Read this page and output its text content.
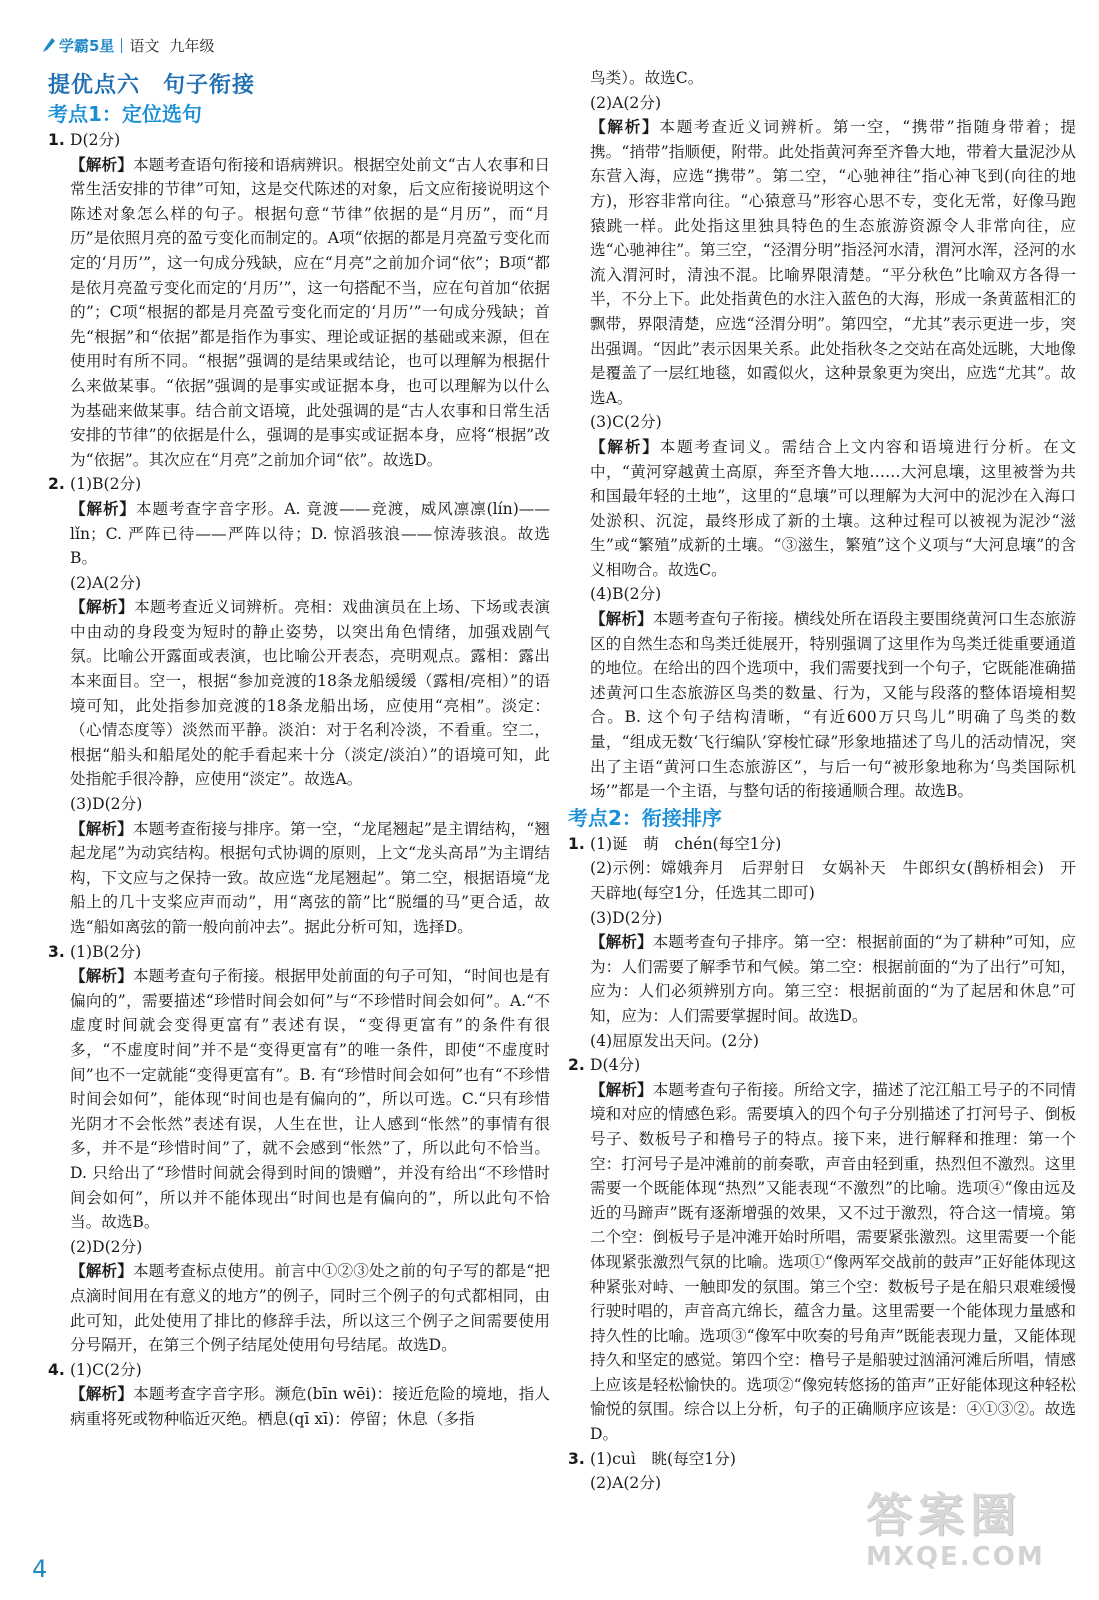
学霸5星 语文 九年级

提优点六　句子衔接

考点1：定位选句

1. D(2分)

【解析】本题考查语句衔接和语病辨识。根据空处前文“古人农事和日常生活安排的节律”可知，这是交代陈述的对象，后文应衔接说明这个陈述对象怎么样的句子。根据句意“节律”依据的是“月历”，而“月历”是依照月亮的盈亏变化而制定的。A项“依据的都是月亮盈亏变化而定的‘月历’”，这一句成分残缺，应在“月亮”之前加介词“依”；B项“都是依月亮盈亏变化而定的‘月历’”，这一句搭配不当，应在句首加“依据的”；C项“根据的都是月亮盈亏变化而定的‘月历’”一句成分残缺；首先“根据”和“依据”都是指作为事实、理论或证据的基础或来源，但在使用时有所不同。“根据”强调的是结果或结论，也可以理解为根据什么来做某事。“依据”强调的是事实或证据本身，也可以理解为以什么为基础来做某事。结合前文语境，此处强调的是“古人农事和日常生活安排的节律”的依据是什么，强调的是事实或证据本身，应将“根据”改为“依据”。其次应在“月亮”之前加介词“依”。故选D。

2. (1)B(2分)

【解析】本题考查字音字形。A. 竟渡——竞渡，威风凛凛(lín)——lǐn；C. 严阵已待——严阵以待；D. 惊滔骇浪——惊涛骇浪。故选B。

(2)A(2分)

【解析】本题考查近义词辨析。亮相：戏曲演员在上场、下场或表演中由动的身段变为短时的静止姿势，以突出角色情绪，加强戏剧气氛。比喻公开露面或表演，也比喻公开表态，亮明观点。露相：露出本来面目。空一，根据“参加竞渡的18条龙船缓缓（露相/亮相）”的语境可知，此处指参加竞渡的18条龙船出场，应使用“亮相”。淡定：（心情态度等）淡然而平静。淡泊：对于名利冷淡，不看重。空二，根据“船头和船尾处的舵手看起来十分（淡定/淡泊）”的语境可知，此处指舵手很冷静，应使用“淡定”。故选A。

(3)D(2分)

【解析】本题考查衔接与排序。第一空，“龙尾翘起”是主谓结构，“翘起龙尾”为动宾结构。根据句式协调的原则，上文“龙头高昂”为主谓结构，下文应与之保持一致。故应选“龙尾翘起”。第二空，根据语境“龙船上的几十支桨应声而动”，用“离弦的箭”比“脱缰的马”更合适，故选“船如离弦的箭一般向前冲去”。据此分析可知，选择D。

3. (1)B(2分)

【解析】本题考查句子衔接。根据甲处前面的句子可知，“时间也是有偏向的”，需要描述“珍惜时间会如何”与“不珍惜时间会如何”。A.“不虚度时间就会变得更富有”表述有误，“变得更富有”的条件有很多，“不虚度时间”并不是“变得更富有”的唯一条件，即使“不虚度时间”也不一定就能“变得更富有”。B. 有“珍惜时间会如何”也有“不珍惜时间会如何”，能体现“时间也是有偏向的”，所以可选。C.“只有珍惜光阴才不会怅然”表述有误，人生在世，让人感到“怅然”的事情有很多，并不是“珍惜时间”了，就不会感到“怅然”了，所以此句不恰当。D. 只给出了“珍惜时间就会得到时间的馈赠”，并没有给出“不珍惜时间会如何”，所以并不能体现出“时间也是有偏向的”，所以此句不恰当。故选B。

(2)D(2分)

【解析】本题考查标点使用。前言中①②③处之前的句子写的都是“把点滴时间用在有意义的地方”的例子，同时三个例子的句式都相同，由此可知，此处使用了排比的修辞手法，所以这三个例子之间需要使用分号隔开，在第三个例子结尾处使用句号结尾。故选D。

4. (1)C(2分)

【解析】本题考查字音字形。濒危(bīn wēi)：接近危险的境地，指人病重将死或物种临近灭绝。栖息(qī xī)：停留；休息（多指

鸟类）。故选C。

(2)A(2分)

【解析】本题考查近义词辨析。第一空，“携带”指随身带着；提携。“捎带”指顺便，附带。此处指黄河奔至齐鲁大地，带着大量泥沙从东营入海，应选“携带”。第二空，“心驰神往”指心神飞到(向往的地方)，形容非常向往。“心猿意马”形容心思不专，变化无常，好像马跑猿跳一样。此处指这里独具特色的生态旅游资源令人非常向往，应选“心驰神往”。第三空，“泾渭分明”指泾河水清，渭河水浑，泾河的水流入渭河时，清浊不混。比喻界限清楚。“平分秋色”比喻双方各得一半，不分上下。此处指黄色的水注入蓝色的大海，形成一条黄蓝相汇的飘带，界限清楚，应选“泾渭分明”。第四空，“尤其”表示更进一步，突出强调。“因此”表示因果关系。此处指秋冬之交站在高处远眺，大地像是覆盖了一层红地毯，如霞似火，这种景象更为突出，应选“尤其”。故选A。

(3)C(2分)

【解析】本题考查词义。需结合上文内容和语境进行分析。在文中，“黄河穿越黄土高原，奔至齐鲁大地……大河息壤，这里被誉为共和国最年轻的土地”，这里的“息壤”可以理解为大河中的泥沙在入海口处淤积、沉淀，最终形成了新的土壤。这种过程可以被视为泥沙“滋生”或“繁殖”成新的土壤。“③滋生，繁殖”这个义项与“大河息壤”的含义相吻合。故选C。

(4)B(2分)

【解析】本题考查句子衔接。横线处所在语段主要围绕黄河口生态旅游区的自然生态和鸟类迁徙展开，特别强调了这里作为鸟类迁徙重要通道的地位。在给出的四个选项中，我们需要找到一个句子，它既能准确描述黄河口生态旅游区鸟类的数量、行为，又能与段落的整体语境相契合。B. 这个句子结构清晰，“有近600万只鸟儿”明确了鸟类的数量，“组成无数‘飞行编队’穿梭忙碌”形象地描述了鸟儿的活动情况，突出了主语“黄河口生态旅游区”，与后一句“被形象地称为‘鸟类国际机场’”都是一个主语，与整句话的衔接通顺合理。故选B。

考点2：衔接排序

1. (1)诞　萌　chén(每空1分)

(2)示例：嫦娥奔月　后羿射日　女娲补天　牛郎织女(鹊桥相会)　开天辟地(每空1分，任选其二即可)

(3)D(2分)

【解析】本题考查句子排序。第一空：根据前面的“为了耕种”可知，应为：人们需要了解季节和气候。第二空：根据前面的“为了出行”可知，应为：人们必须辨别方向。第三空：根据前面的“为了起居和休息”可知，应为：人们需要掌握时间。故选D。

(4)屈原发出天问。(2分)

2. D(4分)

【解析】本题考查句子衔接。所给文字，描述了沱江船工号子的不同情境和对应的情感色彩。需要填入的四个句子分别描述了打河号子、倒板号子、数板号子和橹号子的特点。接下来，进行解释和推理：第一个空：打河号子是冲滩前的前奏歌，声音由轻到重，热烈但不激烈。这里需要一个既能体现“热烈”又能表现“不激烈”的比喻。选项④“像由远及近的马蹄声”既有逐渐增强的效果，又不过于激烈，符合这一情境。第二个空：倒板号子是冲滩开始时所唱，需要紧张激烈。这里需要一个能体现紧张激烈气氛的比喻。选项①“像两军交战前的鼓声”正好能体现这种紧张对峙、一触即发的氛围。第三个空：数板号子是在船只艰难缓慢行驶时唱的，声音高亢绵长，蕴含力量。这里需要一个能体现力量感和持久性的比喻。选项③“像军中吹奏的号角声”既能表现力量，又能体现持久和坚定的感觉。第四个空：橹号子是船驶过汹涌河滩后所唱，情感上应该是轻松愉快的。选项②“像宛转悠扬的笛声”正好能体现这种轻松愉悦的氛围。综合以上分析，句子的正确顺序应该是：④①③②。故选D。

3. (1)cuì　眺(每空1分)

(2)A(2分)

4
答案圈
MXQE.COM
